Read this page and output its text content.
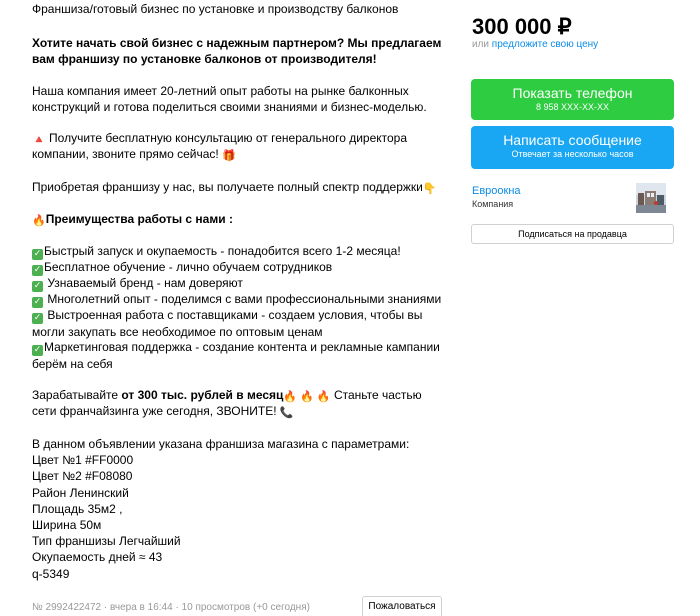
Франшиза/готовый бизнес по установке и производству балконов
Хотите начать свой бизнес с надежным партнером? Мы предлагаем вам франшизу по установке балконов от производителя!
Наша компания имеет 20-летний опыт работы на рынке балконных конструкций и готова поделиться своими знаниями и бизнес-моделью.
🔺 Получите бесплатную консультацию от генерального директора компании, звоните прямо сейчас! 🎁
Приобретая франшизу у нас, вы получаете полный спектр поддержки👇
🔥Преимущества работы с нами :
✓ Быстрый запуск и окупаемость - понадобится всего 1-2 месяца!
✓ Бесплатное обучение - лично обучаем сотрудников
✓ Узнаваемый бренд - нам доверяют
✓ Многолетний опыт - поделимся с вами профессиональными знаниями
✓ Выстроенная работа с поставщиками - создаем условия, чтобы вы могли закупать все необходимое по оптовым ценам
✓ Маркетинговая поддержка - создание контента и рекламные кампании берём на себя
Зарабатывайте от 300 тыс. рублей в месяц🔥 🔥 🔥 Станьте частью сети франчайзинга уже сегодня, ЗВОНИТЕ! 📞
В данном объявлении указана франшиза магазина с параметрами:
Цвет №1 #FF0000
Цвет №2 #F08080
Район Ленинский
Площадь 35м2 ,
Ширина 50м
Тип франшизы Легчайший
Окупаемость дней ≈ 43
q-5349
№ 2992422472 · вчера в 16:44 · 10 просмотров (+0 сегодня)	Пожаловаться
300 000 ₽
или предложите свою цену
Показать телефон
8 958 XXX-XX-XX
Написать сообщение
Отвечает за несколько часов
Евроокна
Компания
Подписаться на продавца
